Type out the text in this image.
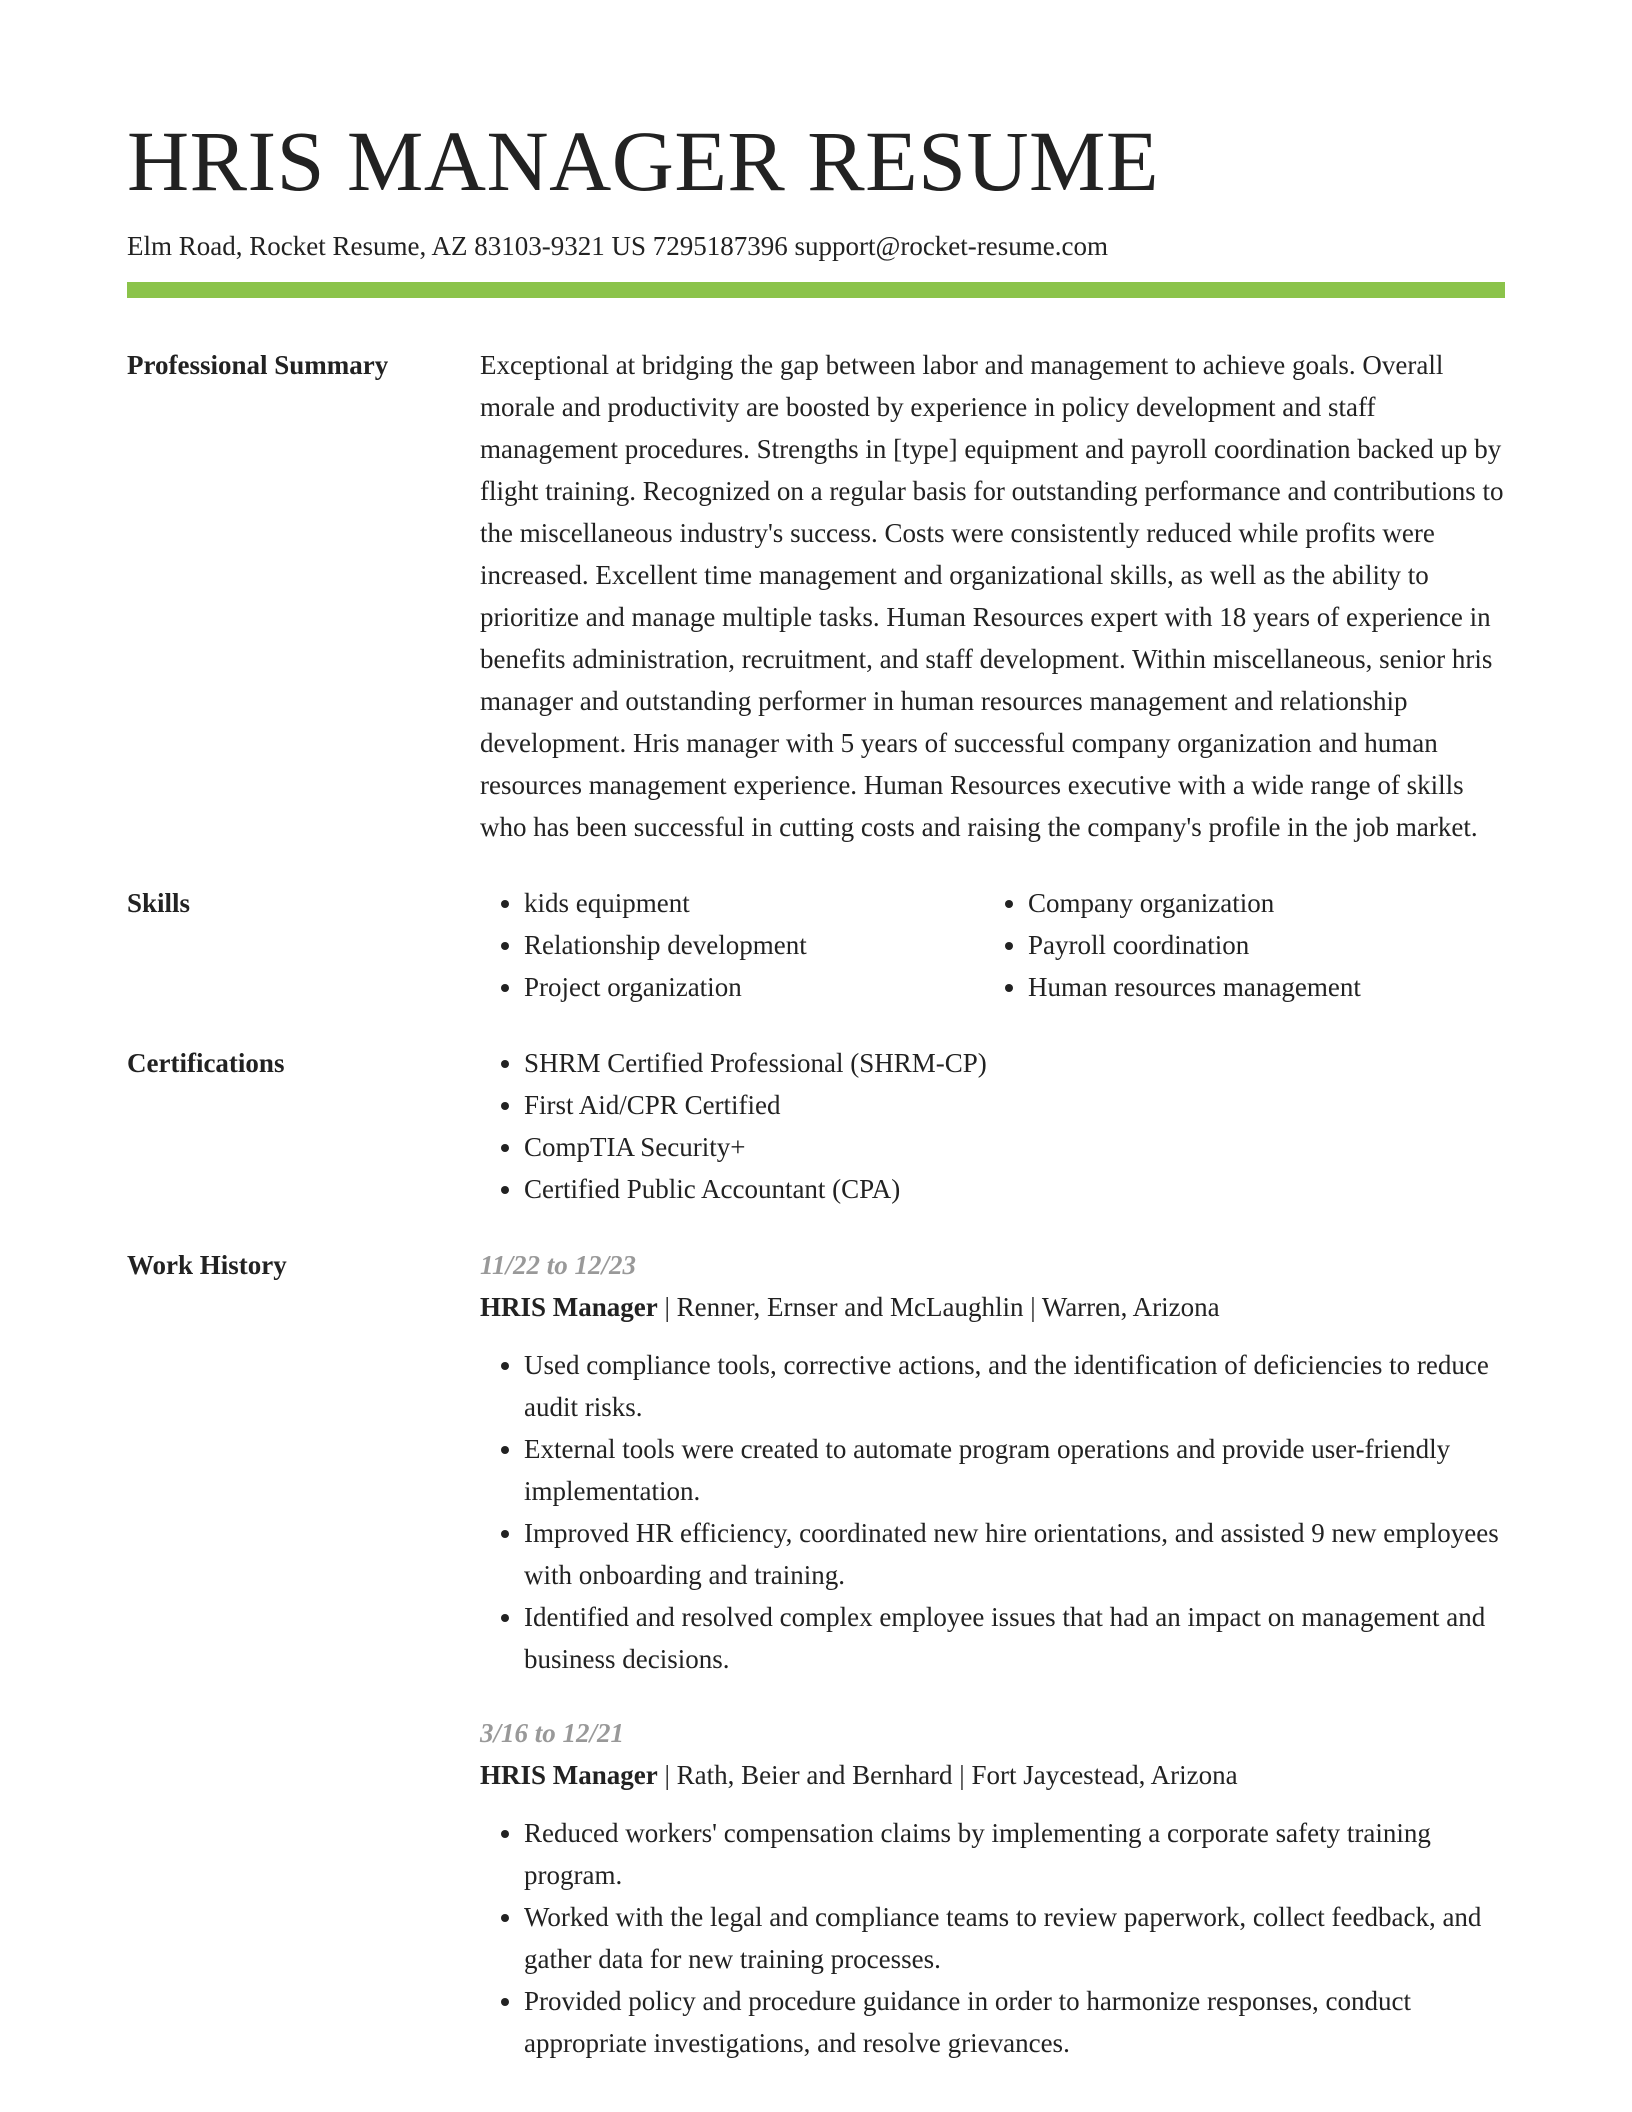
HRIS MANAGER RESUME
Elm Road, Rocket Resume, AZ 83103-9321 US 7295187396 support@rocket-resume.com
Professional Summary	Exceptional at bridging the gap between labor and management to achieve goals. Overall morale and productivity are boosted by experience in policy development and staff management procedures. Strengths in [type] equipment and payroll coordination backed up by flight training. Recognized on a regular basis for outstanding performance and contributions to the miscellaneous industry's success. Costs were consistently reduced while profits were increased. Excellent time management and organizational skills, as well as the ability to prioritize and manage multiple tasks. Human Resources expert with 18 years of experience in benefits administration, recruitment, and staff development. Within miscellaneous, senior hris manager and outstanding performer in human resources management and relationship development. Hris manager with 5 years of successful company organization and human resources management experience. Human Resources executive with a wide range of skills who has been successful in cutting costs and raising the company's profile in the job market.

Skills	• kids equipment
• Relationship development
• Project organization
• Company organization
• Payroll coordination
• Human resources management
Certifications	• SHRM Certified Professional (SHRM-CP)
• First Aid/CPR Certified
• CompTIA Security+
• Certified Public Accountant (CPA)
Work History	11/22 to 12/23
HRIS Manager | Renner, Ernser and McLaughlin | Warren, Arizona
• Used compliance tools, corrective actions, and the identification of deficiencies to reduce audit risks.
• External tools were created to automate program operations and provide user-friendly implementation.
• Improved HR efficiency, coordinated new hire orientations, and assisted 9 new employees with onboarding and training.
• Identified and resolved complex employee issues that had an impact on management and business decisions.
3/16 to 12/21
HRIS Manager | Rath, Beier and Bernhard | Fort Jaycestead, Arizona
• Reduced workers' compensation claims by implementing a corporate safety training program.
• Worked with the legal and compliance teams to review paperwork, collect feedback, and gather data for new training processes.
• Provided policy and procedure guidance in order to harmonize responses, conduct appropriate investigations, and resolve grievances.
